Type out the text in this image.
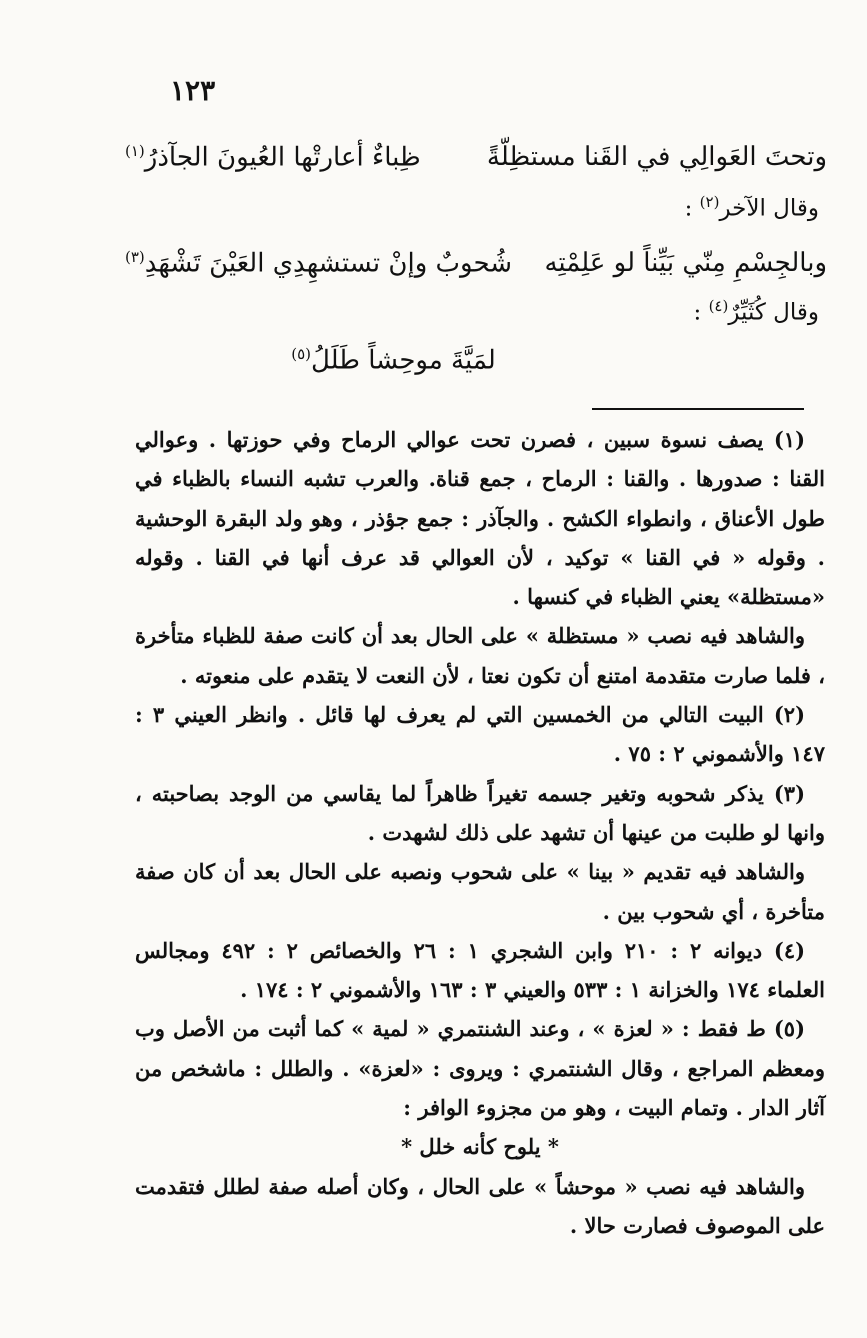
١٢٣
وتحتَ العَوالِي في القَنا مستظِلّةً
ظِباءٌ أعارتْها العُيونَ الجآذرُ$^{(١)}$
وقال الآخر$^{(٢)}$ :
وبالجِسْمِ مِنّي بَيِّناً لو عَلِمْتِه
شُحوبٌ وإنْ تستشهِدِي العَيْنَ تَشْهَدِ$^{(٣)}$
وقال كُثَيِّرٌ$^{(٤)}$ :
لمَيَّةَ موحِشاً طَلَلُ$^{(٥)}$

(١) يصف نسوة سبين ، فصرن تحت عوالي الرماح وفي حوزتها . وعوالي القنا : صدورها . والقنا : الرماح ، جمع قناة. والعرب تشبه النساء بالظباء في طول الأعناق ، وانطواء الكشح . والجآذر : جمع جؤذر ، وهو ولد البقرة الوحشية . وقوله « في القنا » توكيد ، لأن العوالي قد عرف أنها في القنا . وقوله «مستظلة» يعني الظباء في كنسها .

والشاهد فيه نصب « مستظلة » على الحال بعد أن كانت صفة للظباء متأخرة ، فلما صارت متقدمة امتنع أن تكون نعتا ، لأن النعت لا يتقدم على منعوته .

(٢) البيت التالي من الخمسين التي لم يعرف لها قائل . وانظر العيني ٣ : ١٤٧ والأشموني ٢ : ٧٥ .

(٣) يذكر شحوبه وتغير جسمه تغيراً ظاهراً لما يقاسي من الوجد بصاحبته ، وانها لو طلبت من عينها أن تشهد على ذلك لشهدت .

والشاهد فيه تقديم « بينا » على شحوب ونصبه على الحال بعد أن كان صفة متأخرة ، أي شحوب بين .

(٤) ديوانه ٢ : ٢١٠ وابن الشجري ١ : ٢٦ والخصائص ٢ : ٤٩٢ ومجالس العلماء ١٧٤ والخزانة ١ : ٥٣٣ والعيني ٣ : ١٦٣ والأشموني ٢ : ١٧٤ .

(٥) ط فقط : « لعزة » ، وعند الشنتمري « لمية » كما أثبت من الأصل وب ومعظم المراجع ، وقال الشنتمري : ويروى : «لعزة» . والطلل : ماشخص من آثار الدار . وتمام البيت ، وهو من مجزوء الوافر :

* يلوح كأنه خلل *

والشاهد فيه نصب « موحشاً » على الحال ، وكان أصله صفة لطلل فتقدمت على الموصوف فصارت حالا .
